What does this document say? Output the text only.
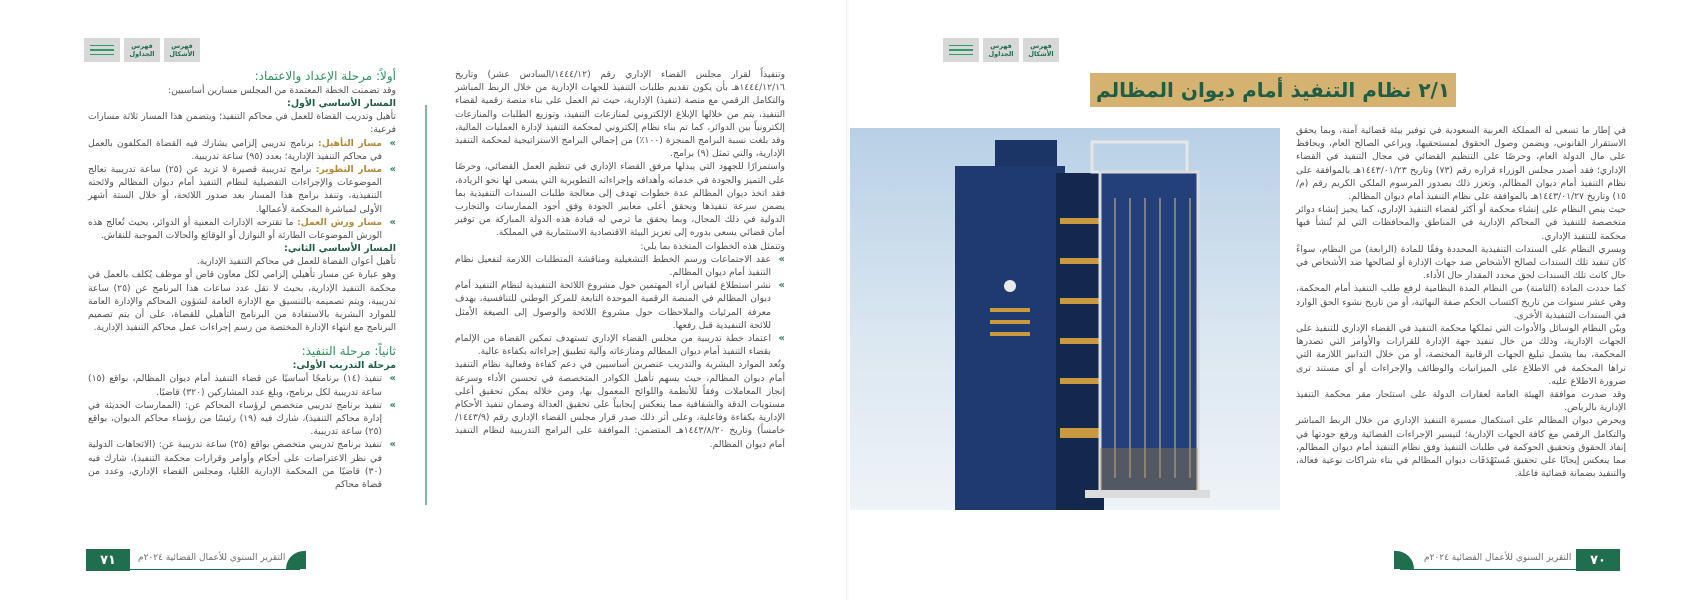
فهرس الجداول
فهرس الأشكال

أولاً: مرحلة الإعداد والاعتماد:

وقد تضمنت الخطة المعتمدة من المجلس مسارين أساسيين:

المسار الأساسي الأول:

تأهيل وتدريب القضاة للعمل في محاكم التنفيذ؛ ويتضمن هذا المسار ثلاثة مسارات فرعية:

»
مسار التأهيل: برنامج تدريبي إلزامي يشارك فيه القضاة المكلفون بالعمل في محاكم التنفيذ الإدارية؛ بعدد (٩٥) ساعة تدريبية.
»
مسار التطوير: برامج تدريبية قصيرة لا تزيد عن (٢٥) ساعة تدريبية تعالج الموضوعات والإجراءات التفصيلية لنظام التنفيذ أمام ديوان المظالم ولائحته التنفيذية، وتنفذ برامج هذا المسار بعد صدور اللائحة، أو خلال الستة أشهر الأولى لمباشرة المحكمة لأعمالها.
»
مسار ورش العمل: ما تقترحه الإدارات المعنية أو الدوائر، بحيث تُعالج هذه الورش الموضوعات الطارئة أو النوازل أو الوقائع والحالات الموجبة للنقاش.

المسار الأساسي الثاني:

تأهيل أعوان القضاة للعمل في محاكم التنفيذ الإدارية.

وهو عبارة عن مسار تأهيلي إلزامي لكل معاون قاض أو موظف يُكلف بالعمل في محكمة التنفيذ الإدارية، بحيث لا تقل عدد ساعات هذا البرنامج عن (٢٥) ساعة تدريبية، ويتم تصميمه بالتنسيق مع الإدارة العامة لشؤون المحاكم والإدارة العامة للموارد البشرية بالاستفادة من البرنامج التأهيلي للقضاة، على أن يتم تصميم البرنامج مع انتهاء الإدارة المختصة من رسم إجراءات عمل محاكم التنفيذ الإدارية.

ثانياً: مرحلة التنفيذ:

مرحلة التدريب الأولى:

»
تنفيذ (١٤) برنامجًا أساسيًا عن قضاء التنفيذ أمام ديوان المظالم، بواقع (١٥) ساعة تدريبية لكل برنامج، وبلغ عدد المشاركين (٣٢٠) قاضيًا.
»
تنفيذ برنامج تدريبي متخصص لرؤساء المحاكم عن: (الممارسات الحديثة في إدارة محاكم التنفيذ)، شارك فيه (١٩) رئيسًا من رؤساء محاكم الديوان، بواقع (٢٥) ساعة تدريبية.
»
تنفيذ برنامج تدريبي متخصص بواقع (٢٥) ساعة تدريبية عن: (الاتجاهات الدولية في نظر الاعتراضات على أحكام وأوامر وقرارات محكمة التنفيذ)، شارك فيه (٣٠) قاضيًا من المحكمة الإدارية العُليا، ومجلس القضاء الإداري، وعدد من قضاة محاكم

وتنفيذاً لقرار مجلس القضاء الإداري رقم (١٤٤٤/١٢/السادس عشر) وتاريخ ١٤٤٤/١٢/١٦هـ بأن يكون تقديم طلبات التنفيذ للجهات الإدارية من خلال الربط المباشر والتكامل الرقمي مع منصة (تنفيذ) الإدارية، حيث تم العمل على بناء منصة رقمية لقضاء التنفيذ، يتم من خلالها الإبلاغ الإلكتروني لمنازعات التنفيذ، وتوزيع الطلبات والمنازعات إلكترونياً بين الدوائر، كما تم بناء نظام إلكتروني لمحكمة التنفيذ لإدارة العمليات المالية، وقد بلغت نسبة البرامج المنجزة (١٠٠٪) من إجمالي البرامج الاستراتيجية لمحكمة التنفيذ الإدارية، والتي تمثل (٩) برامج.

واستمرارًا للجهود التي يبذلها مرفق القضاء الإداري في تنظيم العمل القضائي، وحرصًا على التميز والجودة في خدماته وأهدافه وإجراءاته التطويرية التي يسعى لها نحو الريادة، فقد اتخذ ديوان المظالم عدة خطوات تهدف إلى معالجة طلبات السندات التنفيذية بما يضمن سرعة تنفيذها ويحقق أعلى معايير الجودة وفق أجود الممارسات والتجارب الدولية في ذلك المجال، وبما يحقق ما ترمي له قيادة هذه الدولة المباركة من توفير أمان قضائي يسعى بدوره إلى تعزيز البيئة الاقتصادية الاستثمارية في المملكة.

وتتمثل هذه الخطوات المتخذة بما يلي:

»
عقد الاجتماعات ورسم الخطط التشغيلية ومناقشة المتطلبات اللازمة لتفعيل نظام التنفيذ أمام ديوان المظالم.
»
نشر استطلاع لقياس آراء المهتمين حول مشروع اللائحة التنفيذية لنظام التنفيذ أمام ديوان المظالم في المنصة الرقمية الموحدة التابعة للمركز الوطني للتنافسية، بهدف معرفة المرئيات والملاحظات حول مشروع اللائحة والوصول إلى الصيغة الأمثل للائحة التنفيذية قبل رفعها.
»
اعتماد خطة تدريبية من مجلس القضاء الإداري تستهدف تمكين القضاة من الإلمام بقضاء التنفيذ أمام ديوان المظالم ومنازعاته وآلية تطبيق إجراءاته بكفاءة عالية.

وتُعد الموارد البشرية والتدريب عنصرين أساسيين في دعم كفاءة وفعالية نظام التنفيذ أمام ديوان المظالم، حيث يسهم تأهيل الكوادر المتخصصة في تحسين الأداء وسرعة إنجاز المعاملات وفقاً للأنظمة واللوائح المعمول بها، ومن خلاله يمكن تحقيق أعلى مستويات الدقة والشفافية مما ينعكس إيجابياً على تحقيق العدالة وضمان تنفيذ الأحكام الإدارية بكفاءة وفاعلية، وعلى أثر ذلك صدر قرار مجلس القضاء الإداري رقم (١٤٤٣/٩/خامساً) وتاريخ ١٤٤٣/٨/٢٠هـ المتضمن: الموافقة على البرامج التدريبية لنظام التنفيذ أمام ديوان المظالم.

٧١	التقرير السنوي للأعمال القضائية ٢٠٢٤م
فهرس الجداول
فهرس الأشكال
٢/١ نظام التنفيذ أمام ديوان المظالم

في إطار ما تسعى له المملكة العربية السعودية في توفير بيئة قضائية آمنة، وبما يحقق الاستقرار القانوني، ويضمن وصول الحقوق لمستحقيها، ويراعي الصالح العام، ويحافظ على مال الدولة العام، وحرصًا على التنظيم القضائي في مجال التنفيذ في القضاء الإداري؛ فقد أصدر مجلس الوزراء قراره رقم (٧٣) وتاريخ ١٤٤٣/٠١/٢٣هـ بالموافقة على نظام التنفيذ أمام ديوان المظالم، وتعزز ذلك بصدور المرسوم الملكي الكريم رقم (م/١٥) وتاريخ ١٤٤٣/٠١/٢٧هـ بالموافقة على نظام التنفيذ أمام ديوان المظالم.

حيث ينص النظام على إنشاء محكمة أو أكثر لقضاء التنفيذ الإداري، كما يجيز إنشاء دوائر متخصصة للتنفيذ في المحاكم الإدارية في المناطق والمحافظات التي لم تُنشأ فيها محكمة للتنفيذ الإداري.

ويسري النظام على السندات التنفيذية المحددة وفقًا للمادة (الرابعة) من النظام، سواءً كان تنفيذ تلك السندات لصالح الأشخاص ضد جهات الإدارة أو لصالحها ضد الأشخاص في حال كانت تلك السندات لحق محدد المقدار حال الأداء.

كما حددت المادة (الثامنة) من النظام المدة النظامية لرفع طلب التنفيذ أمام المحكمة، وهي عشر سنوات من تاريخ اكتساب الحكم صفة النهائية، أو من تاريخ نشوء الحق الوارد في السندات التنفيذية الأخرى.

وبيّن النظام الوسائل والأدوات التي تملكها محكمة التنفيذ في القضاء الإداري للتنفيذ على الجهات الإدارية، وذلك من خال تنفيذ جهة الإدارة للقرارات والأوامر التي تصدرها المحكمة، بما يشمل تبليغ الجهات الرقابية المختصة، أو من خلال التدابير اللازمة التي تراها المحكمة في الاطلاع على الميزانيات والوظائف والإجراءات أو أي مستند ترى ضرورة الاطلاع عليه.

وقد صدرت موافقة الهيئة العامة لعقارات الدولة على استئجار مقر محكمة التنفيذ الإدارية بالرياض.

ويحرص ديوان المظالم على استكمال مسيرة التنفيذ الإداري من خلال الربط المباشر والتكامل الرقمي مع كافة الجهات الإدارية؛ لتيسير الإجراءات القضائية ورفع جودتها في إنفاذ الحقوق وتحقيق الحوكمة في طلبات التنفيذ وفق نظام التنفيذ أمام ديوان المظالم، مما ينعكس إيجابًا على تحقيق مُستَهْدَفَات ديوان المظالم في بناء شراكات نوعية فعالة، والتنفيذ بضمانة قضائية فاعلة.

التقرير السنوي للأعمال القضائية ٢٠٢٤م	٧٠
